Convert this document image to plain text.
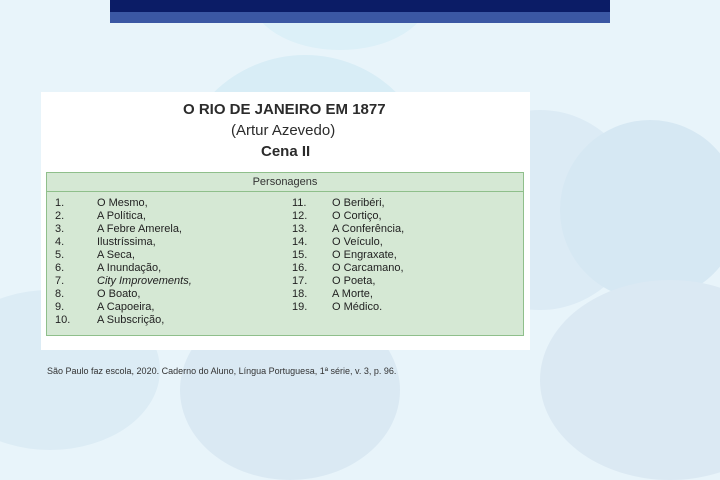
O RIO DE JANEIRO EM 1877
(Artur Azevedo)
Cena II
Personagens
1.	O Mesmo,
2.	A Política,
3.	A Febre Amerela,
4.	Ilustríssima,
5.	A Seca,
6.	A Inundação,
7.	City Improvements,
8.	O Boato,
9.	A Capoeira,
10. A Subscrição,
11. O Beribéri,
12. O Cortiço,
13. A Conferência,
14. O Veículo,
15. O Engraxate,
16. O Carcamano,
17. O Poeta,
18. A Morte,
19. O Médico.
São Paulo faz escola, 2020. Caderno do Aluno, Língua Portuguesa, 1ª série, v. 3, p. 96.
